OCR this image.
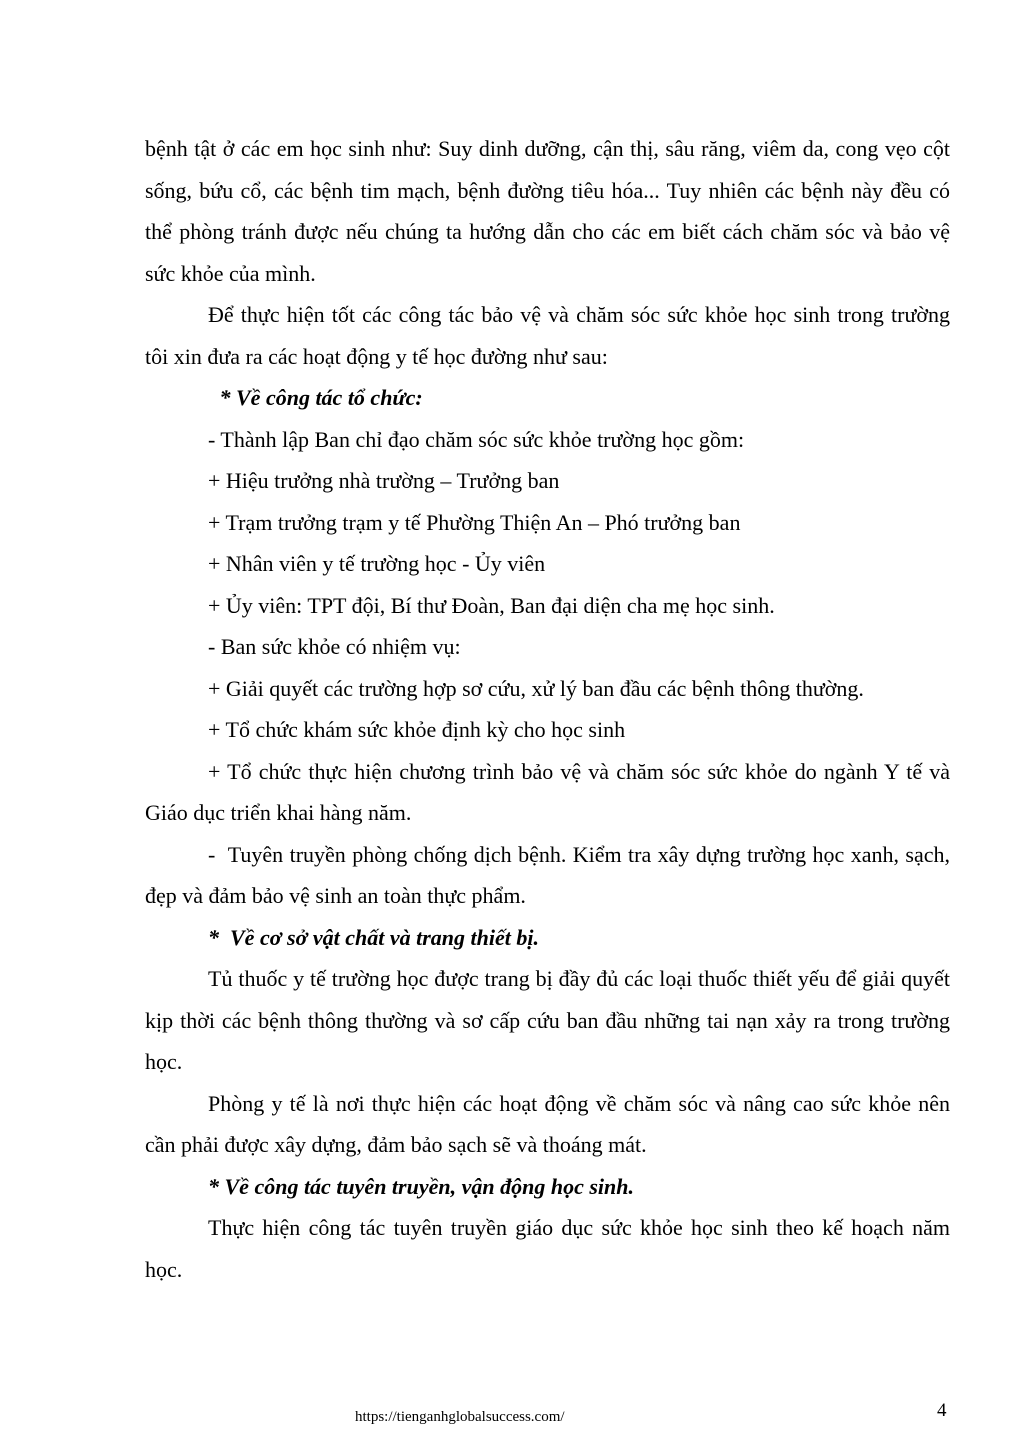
bệnh tật ở các em học sinh như: Suy dinh dưỡng, cận thị, sâu răng, viêm da, cong vẹo cột sống, bứu cổ, các bệnh tim mạch, bệnh đường tiêu hóa... Tuy nhiên các bệnh này đều có thể phòng tránh được nếu chúng ta hướng dẫn cho các em biết cách chăm sóc và bảo vệ sức khỏe của mình.

Để thực hiện tốt các công tác bảo vệ và chăm sóc sức khỏe học sinh trong trường tôi xin đưa ra các hoạt động y tế học đường như sau:

* Về công tác tổ chức:

- Thành lập Ban chỉ đạo chăm sóc sức khỏe trường học gồm:

+ Hiệu trưởng nhà trường – Trưởng ban

+ Trạm trưởng trạm y tế Phường Thiện An – Phó trưởng ban

+ Nhân viên y tế trường học - Ủy viên

+ Ủy viên: TPT đội, Bí thư Đoàn, Ban đại diện cha mẹ học sinh.

- Ban sức khỏe có nhiệm vụ:

+ Giải quyết các trường hợp sơ cứu, xử lý ban đầu các bệnh thông thường.

+ Tổ chức khám sức khỏe định kỳ cho học sinh

+ Tổ chức thực hiện chương trình bảo vệ và chăm sóc sức khỏe do ngành Y tế và Giáo dục triển khai hàng năm.

-  Tuyên truyền phòng chống dịch bệnh. Kiểm tra xây dựng trường học xanh, sạch, đẹp và đảm bảo vệ sinh an toàn thực phẩm.

*  Về cơ sở vật chất và trang thiết bị.

Tủ thuốc y tế trường học được trang bị đầy đủ các loại thuốc thiết yếu để giải quyết kịp thời các bệnh thông thường và sơ cấp cứu ban đầu những tai nạn xảy ra trong trường học.

Phòng y tế là nơi thực hiện các hoạt động về chăm sóc và nâng cao sức khỏe nên cần phải được xây dựng, đảm bảo sạch sẽ và thoáng mát.

* Về công tác tuyên truyền, vận động học sinh.

Thực hiện công tác tuyên truyền giáo dục sức khỏe học sinh theo kế hoạch năm học.

https://tienganhglobalsuccess.com/	4
